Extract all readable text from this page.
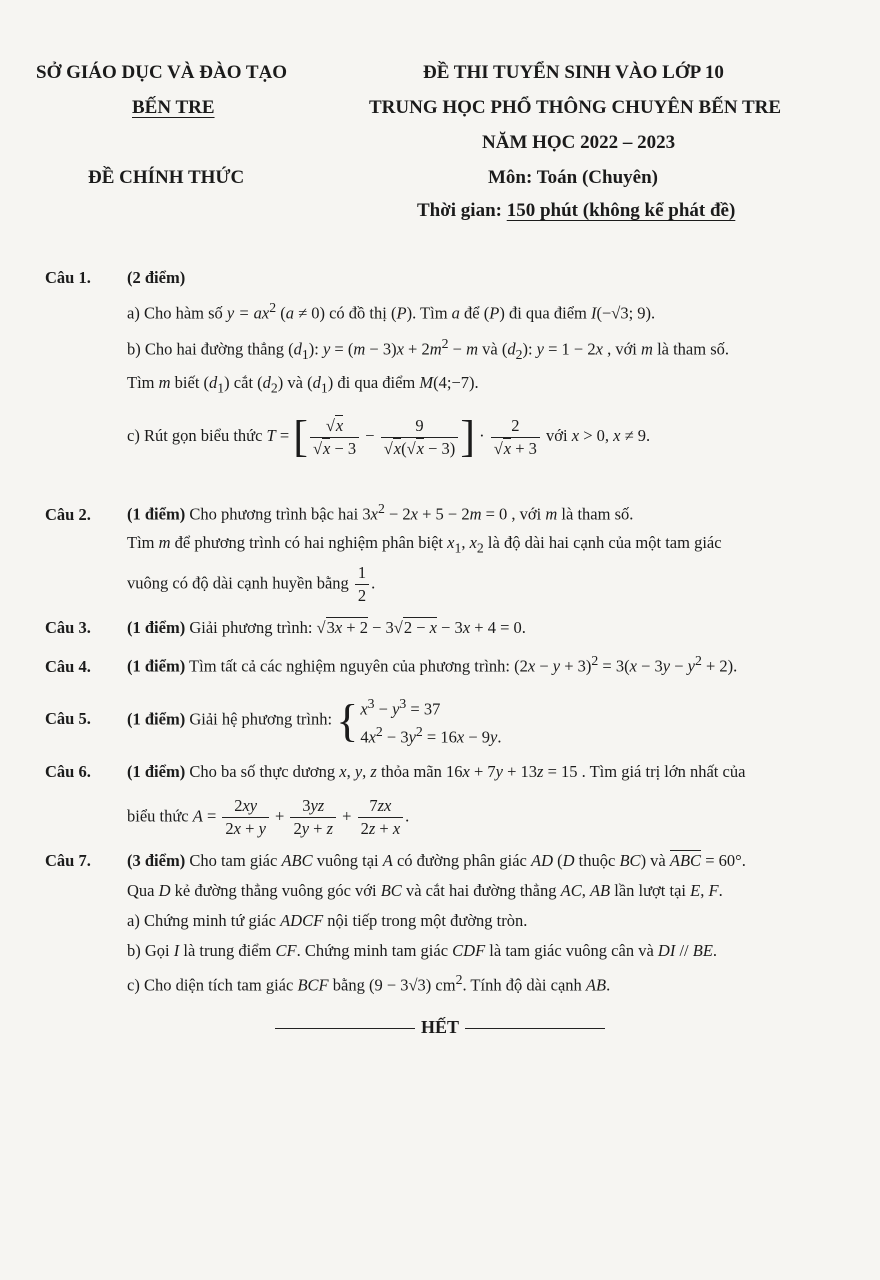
SỞ GIÁO DỤC VÀ ĐÀO TẠO
BẾN TRE
ĐỀ CHÍNH THỨC
ĐỀ THI TUYỂN SINH VÀO LỚP 10
TRUNG HỌC PHỔ THÔNG CHUYÊN BẾN TRE
NĂM HỌC 2022 – 2023
Môn: Toán (Chuyên)
Thời gian: 150 phút (không kể phát đề)
Câu 1. (2 điểm)
a) Cho hàm số $y = ax^2$ (a ≠ 0) có đồ thị (P). Tìm a để (P) đi qua điểm I(−√3; 9).
b) Cho hai đường thẳng $(d_1)$: $y = (m - 3)x + 2m^2 - m$ và $(d_2)$: y = 1 − 2x , với m là tham số.
Tìm m biết $(d_1)$ cắt $(d_2)$ và $(d_1)$ đi qua điểm M(4;−7).
c) Rút gọn biểu thức T = [ $\frac{√x}{√x - 3} - \frac{9}{√x(√x - 3)}$ ] · $\frac{2}{√x + 3}$ với x > 0, x ≠ 9.
Câu 2. (1 điểm) Cho phương trình bậc hai $3x^2 - 2x + 5 - 2m = 0$ , với m là tham số.
Tìm m để phương trình có hai nghiệm phân biệt $x_1$, $x_2$ là độ dài hai cạnh của một tam giác
vuông có độ dài cạnh huyền bằng $\frac{1}{2}$ .
Câu 3. (1 điểm) Giải phương trình: √3x + 2 − 3√2 − x − 3x + 4 = 0.
Câu 4. (1 điểm) Tìm tất cả các nghiệm nguyên của phương trình: $(2x - y + 3)^2 = 3(x - 3y - y^2 + 2)$.
Câu 5. (1 điểm) Giải hệ phương trình: { $x^3 - y^3 = 37$
$4x^2 - 3y^2 = 16x - 9y$.
Câu 6. (1 điểm) Cho ba số thực dương x, y, z thỏa mãn 16x + 7y + 13z = 15 . Tìm giá trị lớn nhất của
biểu thức $A = \frac{2xy}{2x + y} + \frac{3yz}{2y + z} + \frac{7zx}{2z + x}$ .
Câu 7. (3 điểm) Cho tam giác ABC vuông tại A có đường phân giác AD (D thuộc BC) và ABC = 60°.
Qua D kẻ đường thẳng vuông góc với BC và cắt hai đường thẳng AC, AB lần lượt tại E, F.
a) Chứng minh tứ giác ADCF nội tiếp trong một đường tròn.
b) Gọi I là trung điểm CF. Chứng minh tam giác CDF là tam giác vuông cân và DI // BE.
c) Cho diện tích tam giác BCF bằng (9 − 3√3) $cm^2$. Tính độ dài cạnh AB.
HẾT
